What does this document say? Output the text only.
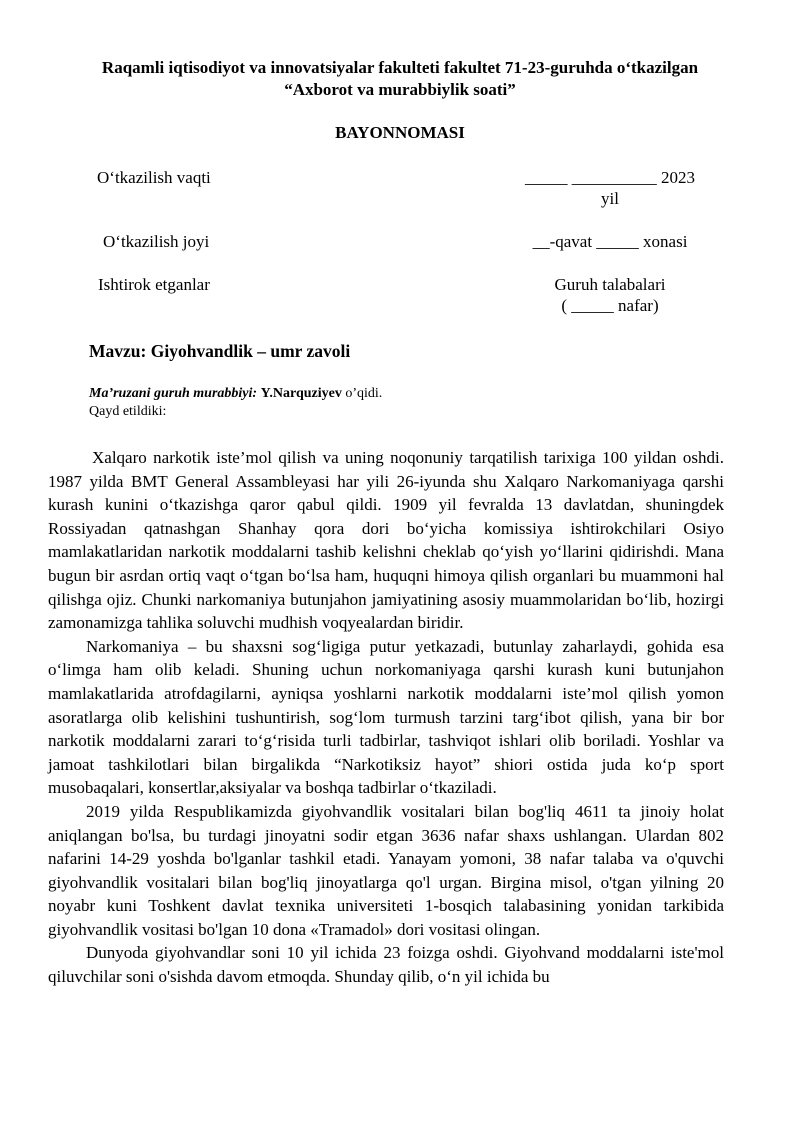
Raqamli iqtisodiyot va innovatsiyalar fakulteti fakultet 71-23-guruhda o‘tkazilgan
“Axborot va murabbiylik soati”
BAYONNOMASI
O‘tkazilish vaqti	_____ __________ 2023
yil
O‘tkazilish joyi	__-qavat _____ xonasi
Ishtirok etganlar	Guruh talabalari
( _____ nafar)
Mavzu: Giyohvandlik – umr zavoli
Ma’ruzani guruh murabbiyi: Y.Narquziyev o’qidi.
Qayd etildiki:

Xalqaro narkotik iste’mol qilish va uning noqonuniy tarqatilish tarixiga 100 yildan oshdi. 1987 yilda BMT General Assambleyasi har yili 26-iyunda shu Xalqaro Narkomaniyaga qarshi kurash kunini o‘tkazishga qaror qabul qildi. 1909 yil fevralda 13 davlatdan, shuningdek Rossiyadan qatnashgan Shanhay qora dori bo‘yicha komissiya ishtirokchilari Osiyo mamlakatlaridan narkotik moddalarni tashib kelishni cheklab qo‘yish yo‘llarini qidirishdi. Mana bugun bir asrdan ortiq vaqt o‘tgan bo‘lsa ham, huquqni himoya qilish organlari bu muammoni hal qilishga ojiz. Chunki narkomaniya butunjahon jamiyatining asosiy muammolaridan bo‘lib, hozirgi zamonamizga tahlika soluvchi mudhish voqyealardan biridir.

Narkomaniya – bu shaxsni sog‘ligiga putur yetkazadi, butunlay zaharlaydi, gohida esa o‘limga ham olib keladi. Shuning uchun norkomaniyaga qarshi kurash kuni butunjahon mamlakatlarida atrofdagilarni, ayniqsa yoshlarni narkotik moddalarni iste’mol qilish yomon asoratlarga olib kelishini tushuntirish, sog‘lom turmush tarzini targ‘ibot qilish, yana bir bor narkotik moddalarni zarari to‘g‘risida turli tadbirlar, tashviqot ishlari olib boriladi. Yoshlar va jamoat tashkilotlari bilan birgalikda “Narkotiksiz hayot” shiori ostida juda ko‘p sport musobaqalari, konsertlar,aksiyalar va boshqa tadbirlar o‘tkaziladi.

2019 yilda Respublikamizda giyohvandlik vositalari bilan bog'liq 4611 ta jinoiy holat aniqlangan bo'lsa, bu turdagi jinoyatni sodir etgan 3636 nafar shaxs ushlangan. Ulardan 802 nafarini 14-29 yoshda bo'lganlar tashkil etadi. Yanayam yomoni, 38 nafar talaba va o'quvchi giyohvandlik vositalari bilan bog'liq jinoyatlarga qo'l urgan. Birgina misol, o'tgan yilning 20 noyabr kuni Toshkent davlat texnika universiteti 1-bosqich talabasining yonidan tarkibida giyohvandlik vositasi bo'lgan 10 dona «Tramadol» dori vositasi olingan.

Dunyoda giyohvandlar soni 10 yil ichida 23 foizga oshdi. Giyohvand moddalarni iste'mol qiluvchilar soni o'sishda davom etmoqda. Shunday qilib, o‘n yil ichida bu
